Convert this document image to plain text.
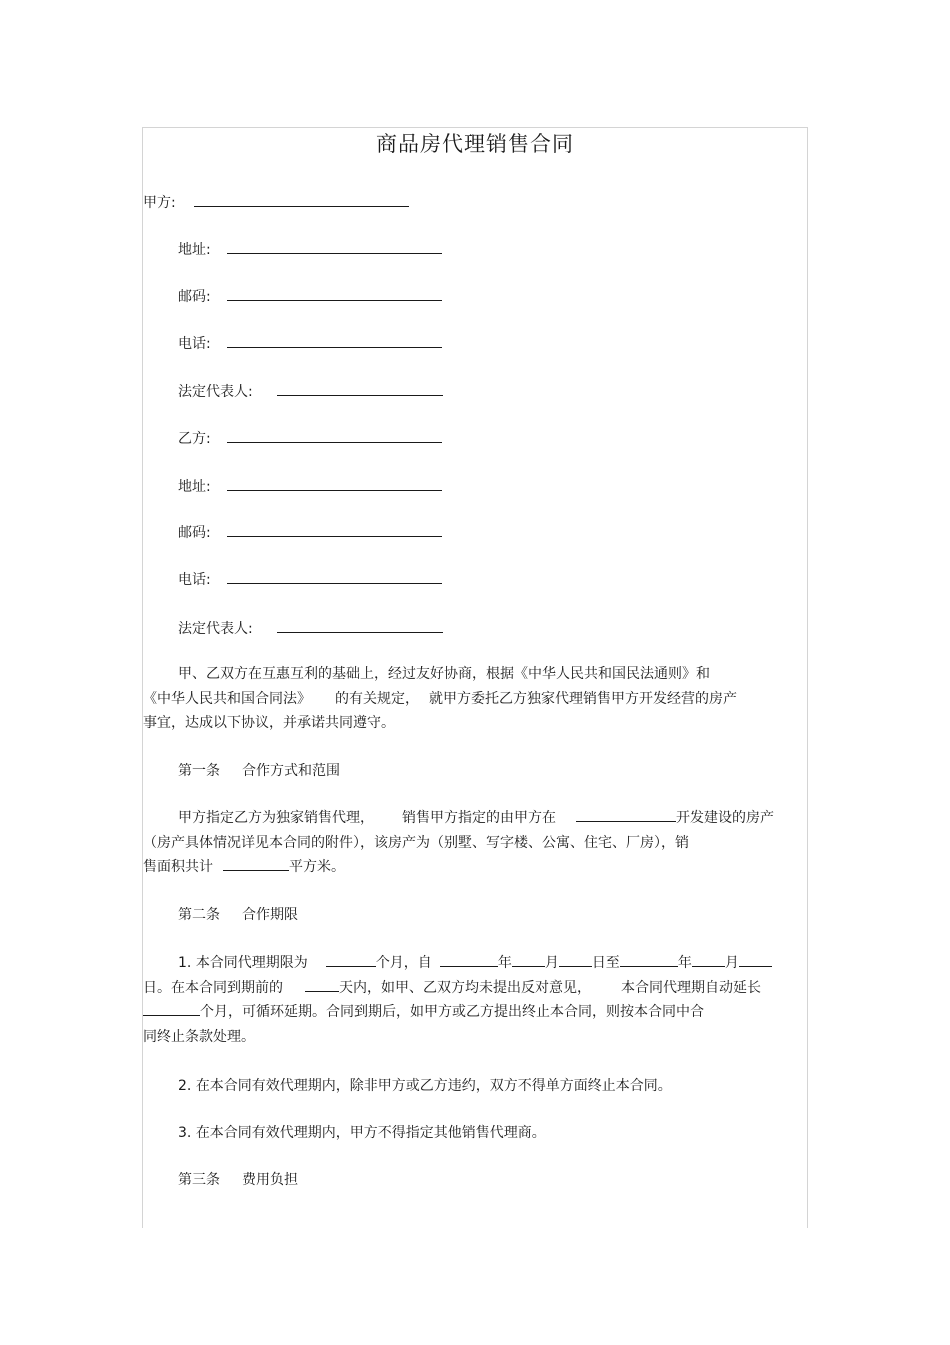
商品房代理销售合同
甲方:
地址:
邮码:
电话:
法定代表人:
乙方:
地址:
邮码:
电话:
法定代表人:
甲、乙双方在互惠互利的基础上，经过友好协商，根据《中华人民共和国民法通则》和
《中华人民共和国合同法》 的有关规定， 就甲方委托乙方独家代理销售甲方开发经营的房产
事宜，达成以下协议，并承诺共同遵守。
第一条 合作方式和范围
甲方指定乙方为独家销售代理， 销售甲方指定的由甲方在	开发建设的房产
（房产具体情况详见本合同的附件），该房产为（别墅、写字楼、公寓、住宅、厂房），销
售面积共计	平方米。
第二条 合作期限
1. 本合同代理期限为	个月，自	年 月 日至	年 月
日。在本合同到期前的	天内，如甲、乙双方均未提出反对意见， 本合同代理期自动延长
个月，可循环延期。合同到期后，如甲方或乙方提出终止本合同，则按本合同中合
同终止条款处理。
2. 在本合同有效代理期内，除非甲方或乙方违约，双方不得单方面终止本合同。
3. 在本合同有效代理期内，甲方不得指定其他销售代理商。
第三条 费用负担
